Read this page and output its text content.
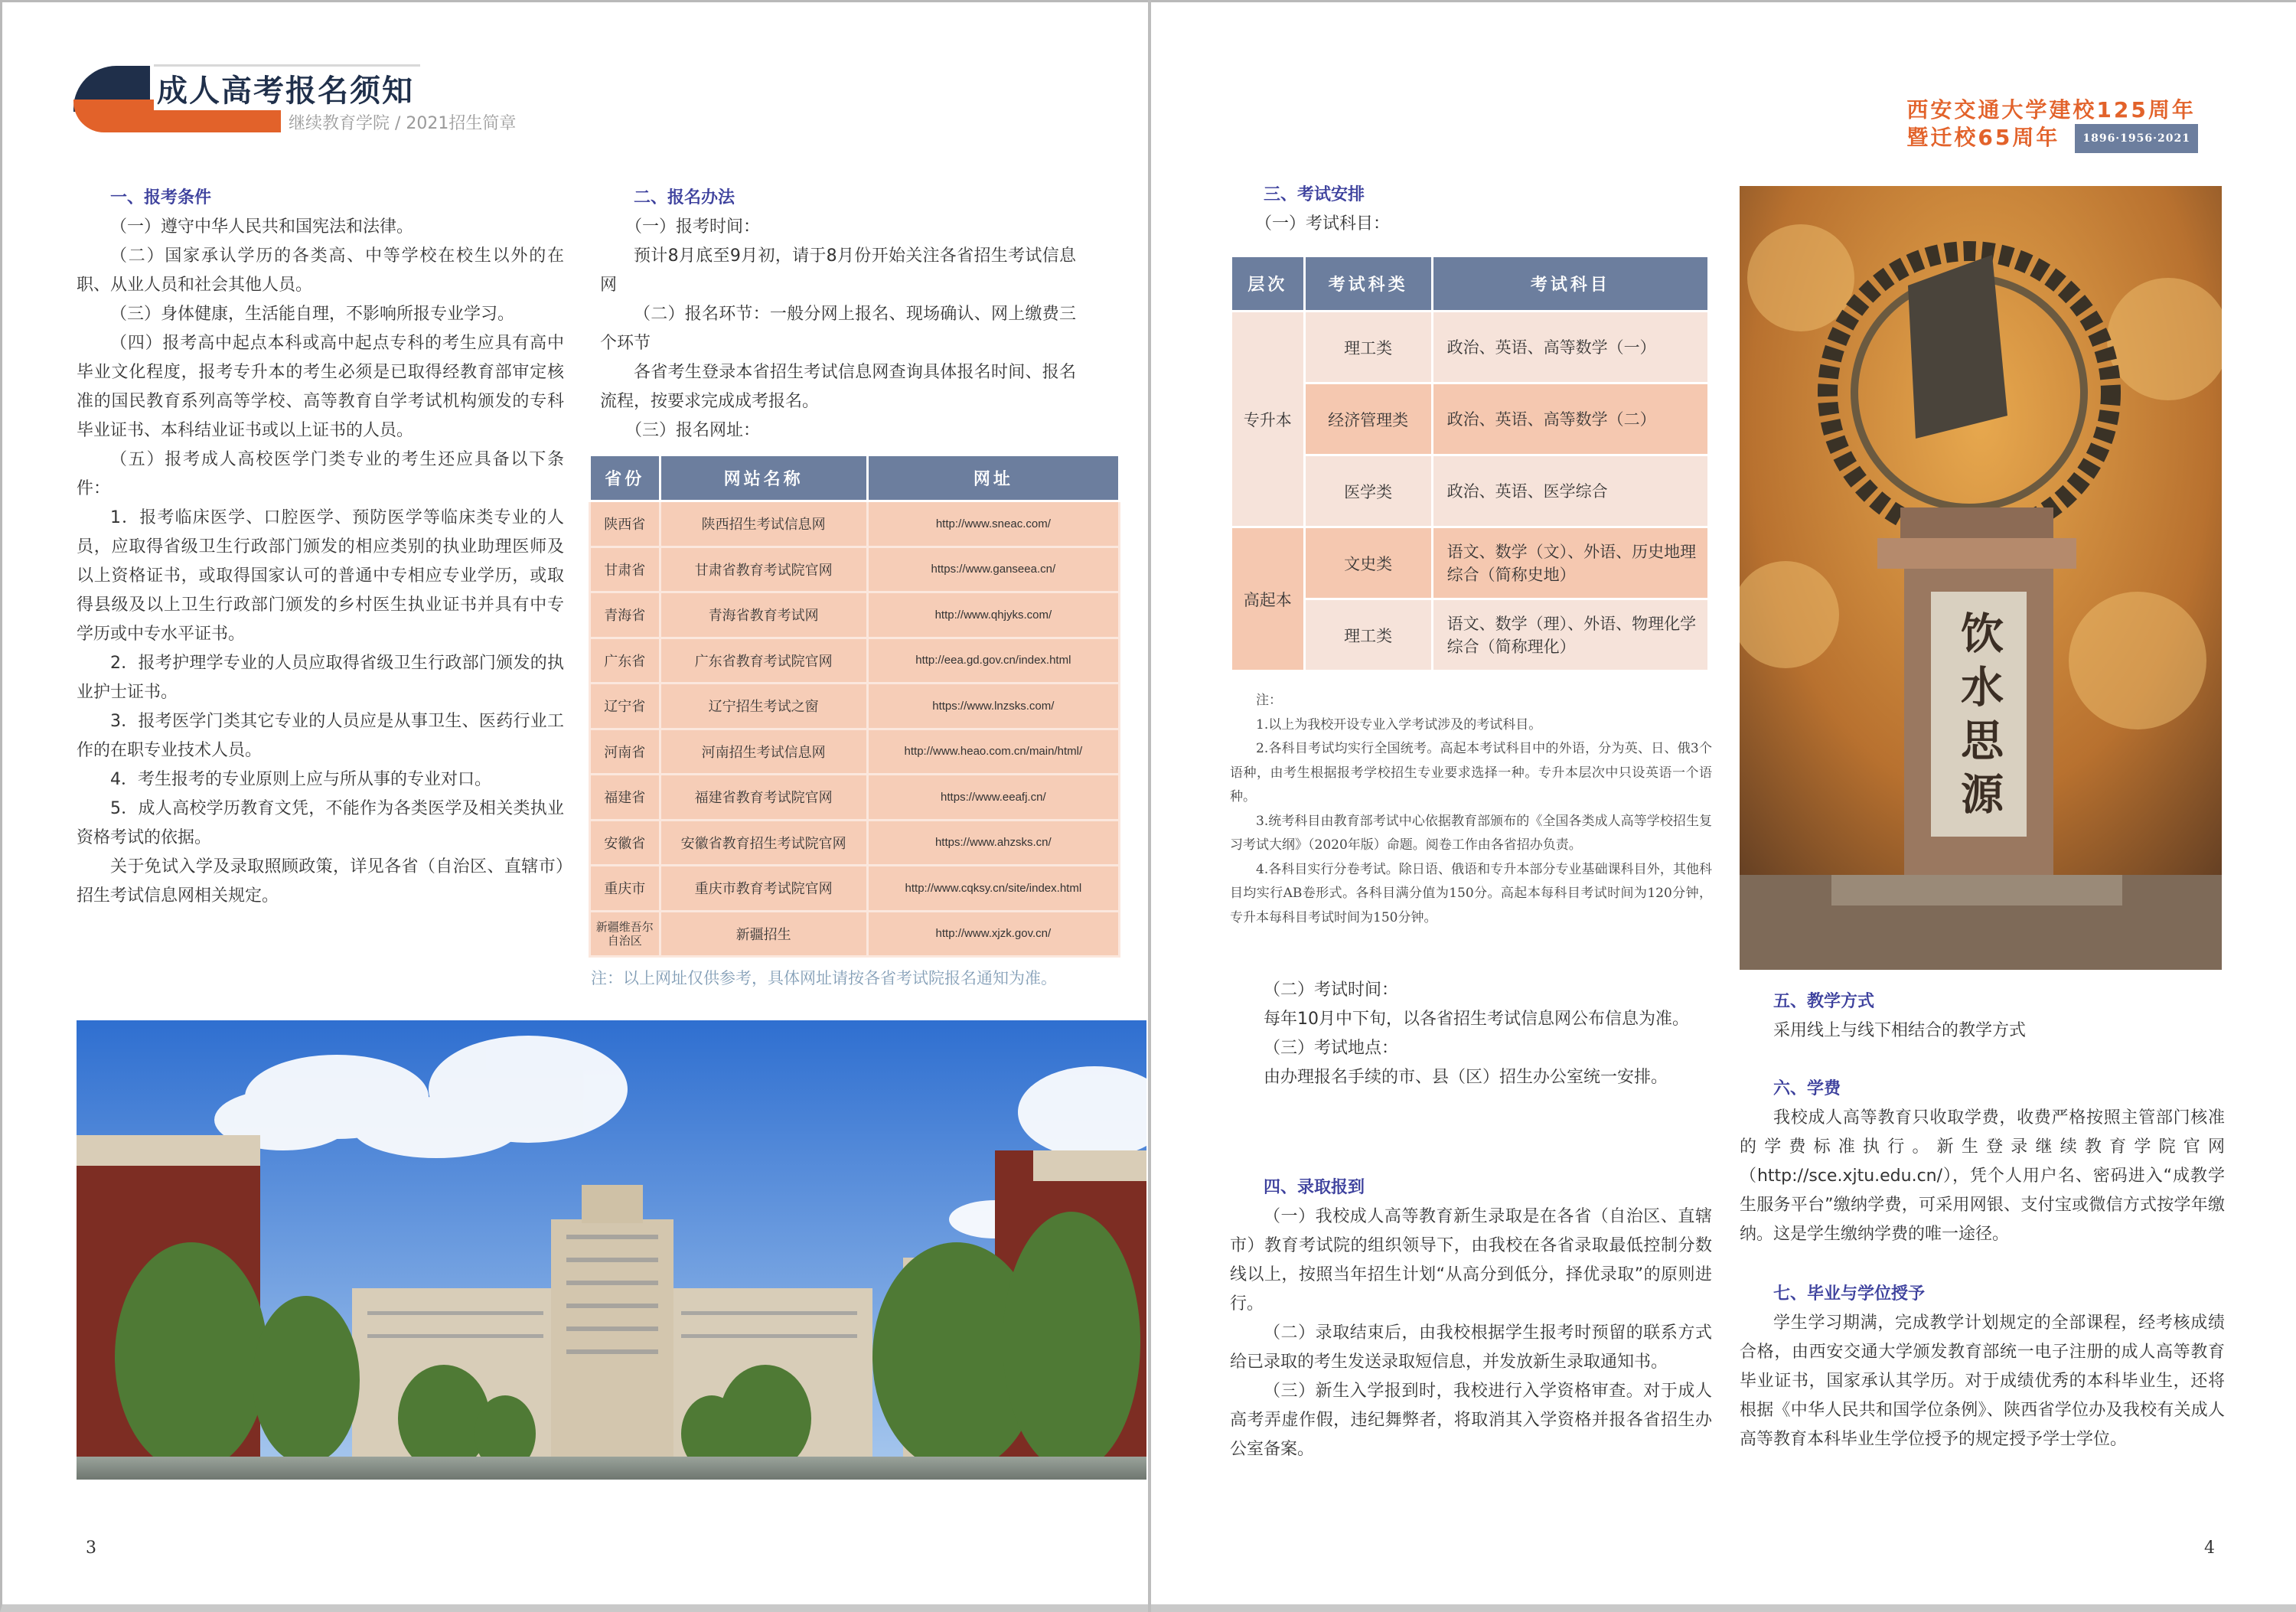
成人高考报名须知
继续教育学院 / 2021招生简章
一、报考条件

（一）遵守中华人民共和国宪法和法律。

（二）国家承认学历的各类高、中等学校在校生以外的在职、从业人员和社会其他人员。

（三）身体健康，生活能自理，不影响所报专业学习。

（四）报考高中起点本科或高中起点专科的考生应具有高中毕业文化程度，报考专升本的考生必须是已取得经教育部审定核准的国民教育系列高等学校、高等教育自学考试机构颁发的专科毕业证书、本科结业证书或以上证书的人员。

（五）报考成人高校医学门类专业的考生还应具备以下条件：

1．报考临床医学、口腔医学、预防医学等临床类专业的人员，应取得省级卫生行政部门颁发的相应类别的执业助理医师及以上资格证书，或取得国家认可的普通中专相应专业学历，或取得县级及以上卫生行政部门颁发的乡村医生执业证书并具有中专学历或中专水平证书。

2．报考护理学专业的人员应取得省级卫生行政部门颁发的执业护士证书。

3．报考医学门类其它专业的人员应是从事卫生、医药行业工作的在职专业技术人员。

4．考生报考的专业原则上应与所从事的专业对口。

5．成人高校学历教育文凭，不能作为各类医学及相关类执业资格考试的依据。

关于免试入学及录取照顾政策，详见各省（自治区、直辖市）招生考试信息网相关规定。

二、报名办法

（一）报考时间：

预计8月底至9月初，请于8月份开始关注各省招生考试信息网

（二）报名环节：一般分网上报名、现场确认、网上缴费三个环节

各省考生登录本省招生考试信息网查询具体报名时间、报名流程，按要求完成成考报名。

（三）报名网址：

省份	网站名称	网址
陕西省	陕西招生考试信息网	http://www.sneac.com/
甘肃省	甘肃省教育考试院官网	https://www.ganseea.cn/
青海省	青海省教育考试网	http://www.qhjyks.com/
广东省	广东省教育考试院官网	http://eea.gd.gov.cn/index.html
辽宁省	辽宁招生考试之窗	https://www.lnzsks.com/
河南省	河南招生考试信息网	http://www.heao.com.cn/main/html/
福建省	福建省教育考试院官网	https://www.eeafj.cn/
安徽省	安徽省教育招生考试院官网	https://www.ahzsks.cn/
重庆市	重庆市教育考试院官网	http://www.cqksy.cn/site/index.html
新疆维吾尔自治区	新疆招生	http://www.xjzk.gov.cn/
注：以上网址仅供参考，具体网址请按各省考试院报名通知为准。
3
西安交通大学建校125周年
暨迁校65周年 1896·1956·2021
三、考试安排

（一）考试科目：

层次	考试科类	考试科目
专升本	理工类	政治、英语、高等数学（一）
	经济管理类	政治、英语、高等数学（二）
	医学类	政治、英语、医学综合
高起本	文史类	语文、数学（文）、外语、历史地理综合（简称史地）
	理工类	语文、数学（理）、外语、物理化学综合（简称理化）

注：

1.以上为我校开设专业入学考试涉及的考试科目。

2.各科目考试均实行全国统考。高起本考试科目中的外语，分为英、日、俄3个语种，由考生根据报考学校招生专业要求选择一种。专升本层次中只设英语一个语种。

3.统考科目由教育部考试中心依据教育部颁布的《全国各类成人高等学校招生复习考试大纲》（2020年版）命题。阅卷工作由各省招办负责。

4.各科目实行分卷考试。除日语、俄语和专升本部分专业基础课科目外，其他科目均实行AB卷形式。各科目满分值为150分。高起本每科目考试时间为120分钟，专升本每科目考试时间为150分钟。

（二）考试时间：

每年10月中下旬，以各省招生考试信息网公布信息为准。

（三）考试地点：

由办理报名手续的市、县（区）招生办公室统一安排。

四、录取报到

（一）我校成人高等教育新生录取是在各省（自治区、直辖市）教育考试院的组织领导下，由我校在各省录取最低控制分数线以上，按照当年招生计划“从高分到低分，择优录取”的原则进行。

（二）录取结束后，由我校根据学生报考时预留的联系方式给已录取的考生发送录取短信息，并发放新生录取通知书。

（三）新生入学报到时，我校进行入学资格审查。对于成人高考弄虚作假，违纪舞弊者，将取消其入学资格并报各省招生办公室备案。

饮水思源
五、教学方式

采用线上与线下相结合的教学方式

六、学费

我校成人高等教育只收取学费，收费严格按照主管部门核准的学费标准执行。新生登录继续教育学院官网（http://sce.xjtu.edu.cn/），凭个人用户名、密码进入“成教学生服务平台”缴纳学费，可采用网银、支付宝或微信方式按学年缴纳。这是学生缴纳学费的唯一途径。

七、毕业与学位授予

学生学习期满，完成教学计划规定的全部课程，经考核成绩合格，由西安交通大学颁发教育部统一电子注册的成人高等教育毕业证书，国家承认其学历。对于成绩优秀的本科毕业生，还将根据《中华人民共和国学位条例》、陕西省学位办及我校有关成人高等教育本科毕业生学位授予的规定授予学士学位。

4
